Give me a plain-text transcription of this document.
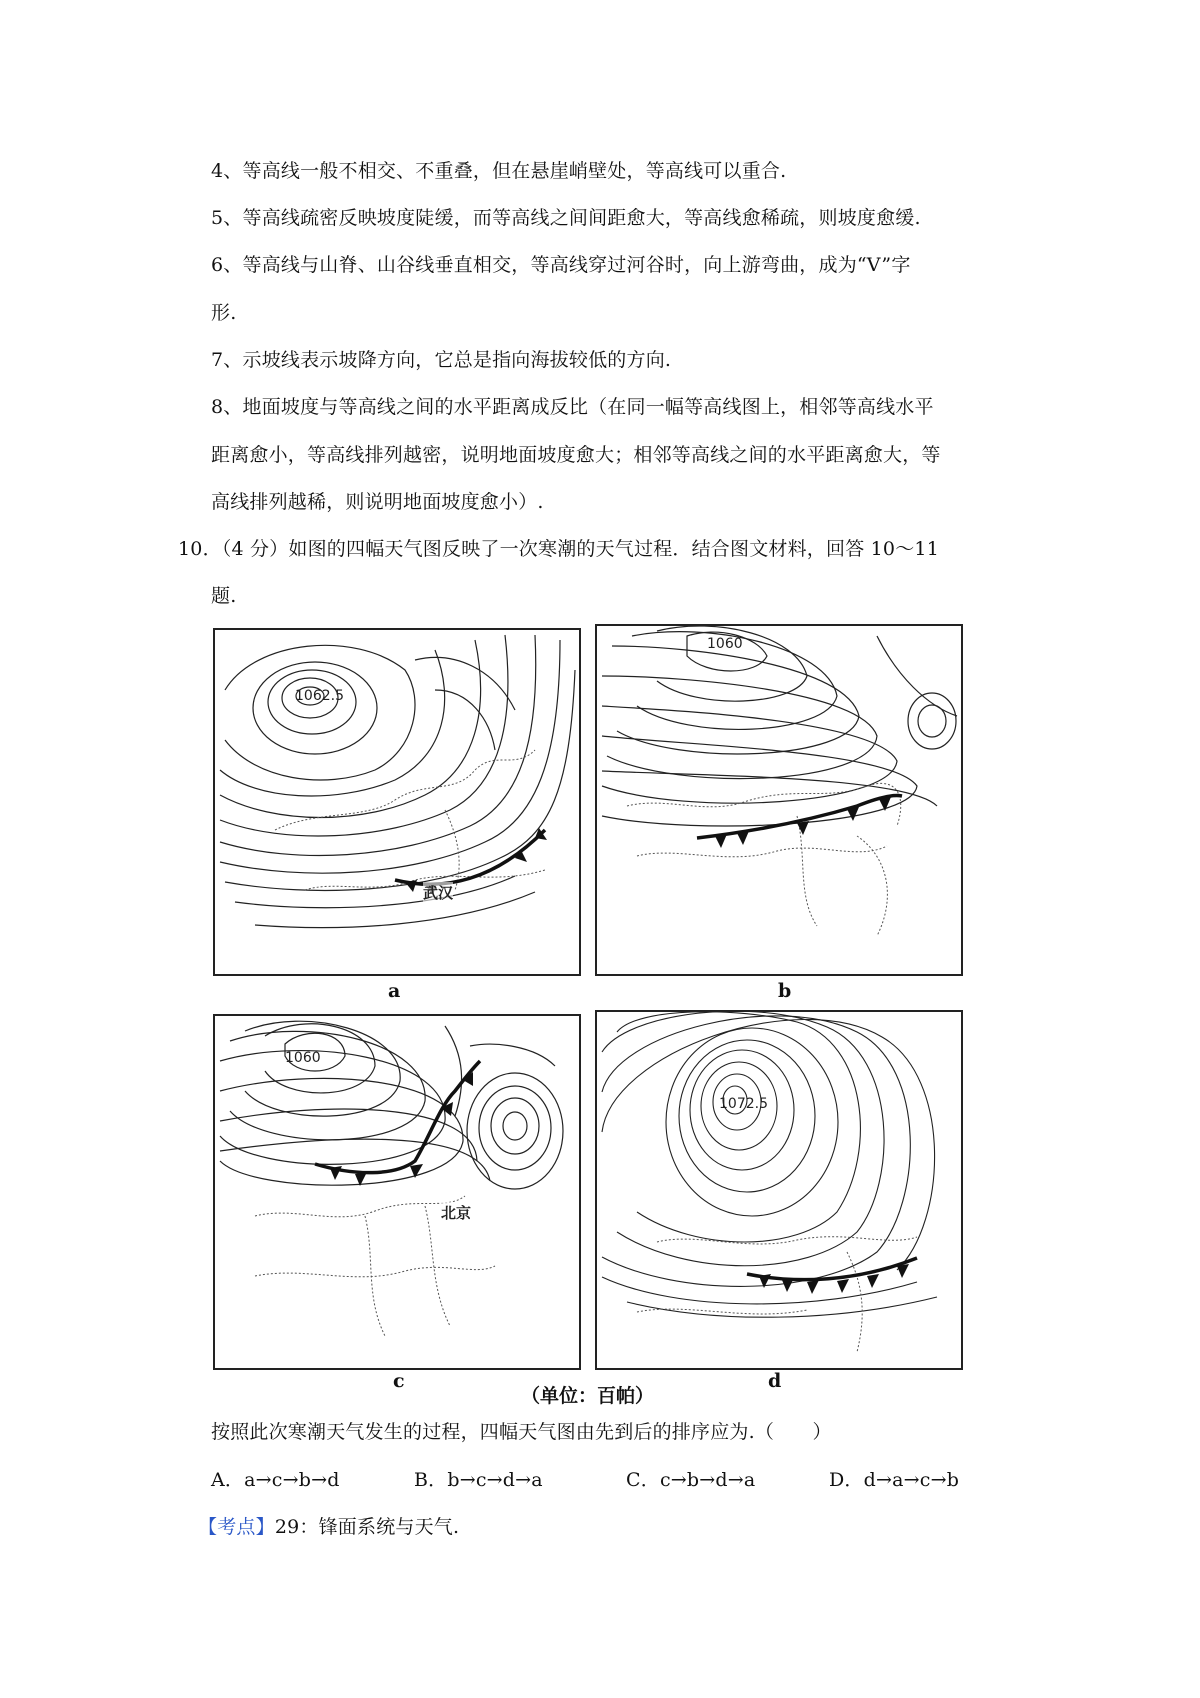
4、等高线一般不相交、不重叠，但在悬崖峭壁处，等高线可以重合.
5、等高线疏密反映坡度陡缓，而等高线之间间距愈大，等高线愈稀疏，则坡度愈缓.
6、等高线与山脊、山谷线垂直相交，等高线穿过河谷时，向上游弯曲，成为“V”字
形.
7、示坡线表示坡降方向，它总是指向海拔较低的方向.
8、地面坡度与等高线之间的水平距离成反比（在同一幅等高线图上，相邻等高线水平
距离愈小，等高线排列越密，说明地面坡度愈大；相邻等高线之间的水平距离愈大，等
高线排列越稀，则说明地面坡度愈小）.
10．（4 分）如图的四幅天气图反映了一次寒潮的天气过程．结合图文材料，回答 10～11
题.
1062.5
武汉
a
1060
b
1060
北京
c
1072.5
d
（单位：百帕）
按照此次寒潮天气发生的过程，四幅天气图由先到后的排序应为.（　　）
A．a→c→b→d	B．b→c→d→a	C．c→b→d→a	D．d→a→c→b
【考点】29：锋面系统与天气.
